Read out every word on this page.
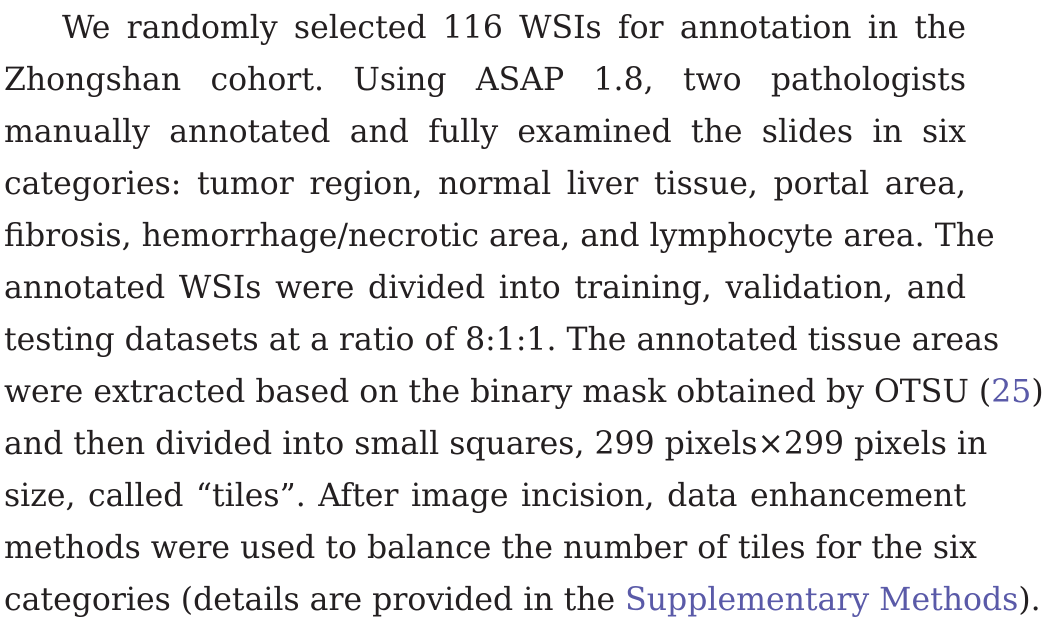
We randomly selected 116 WSIs for annotation in the
Zhongshan cohort. Using ASAP 1.8, two pathologists
manually annotated and fully examined the slides in six
categories: tumor region, normal liver tissue, portal area,
fibrosis, hemorrhage/necrotic area, and lymphocyte area. The
annotated WSIs were divided into training, validation, and
testing datasets at a ratio of 8:1:1. The annotated tissue areas
were extracted based on the binary mask obtained by OTSU (25)
and then divided into small squares, 299 pixels×299 pixels in
size, called “tiles”. After image incision, data enhancement
methods were used to balance the number of tiles for the six
categories (details are provided in the Supplementary Methods).
